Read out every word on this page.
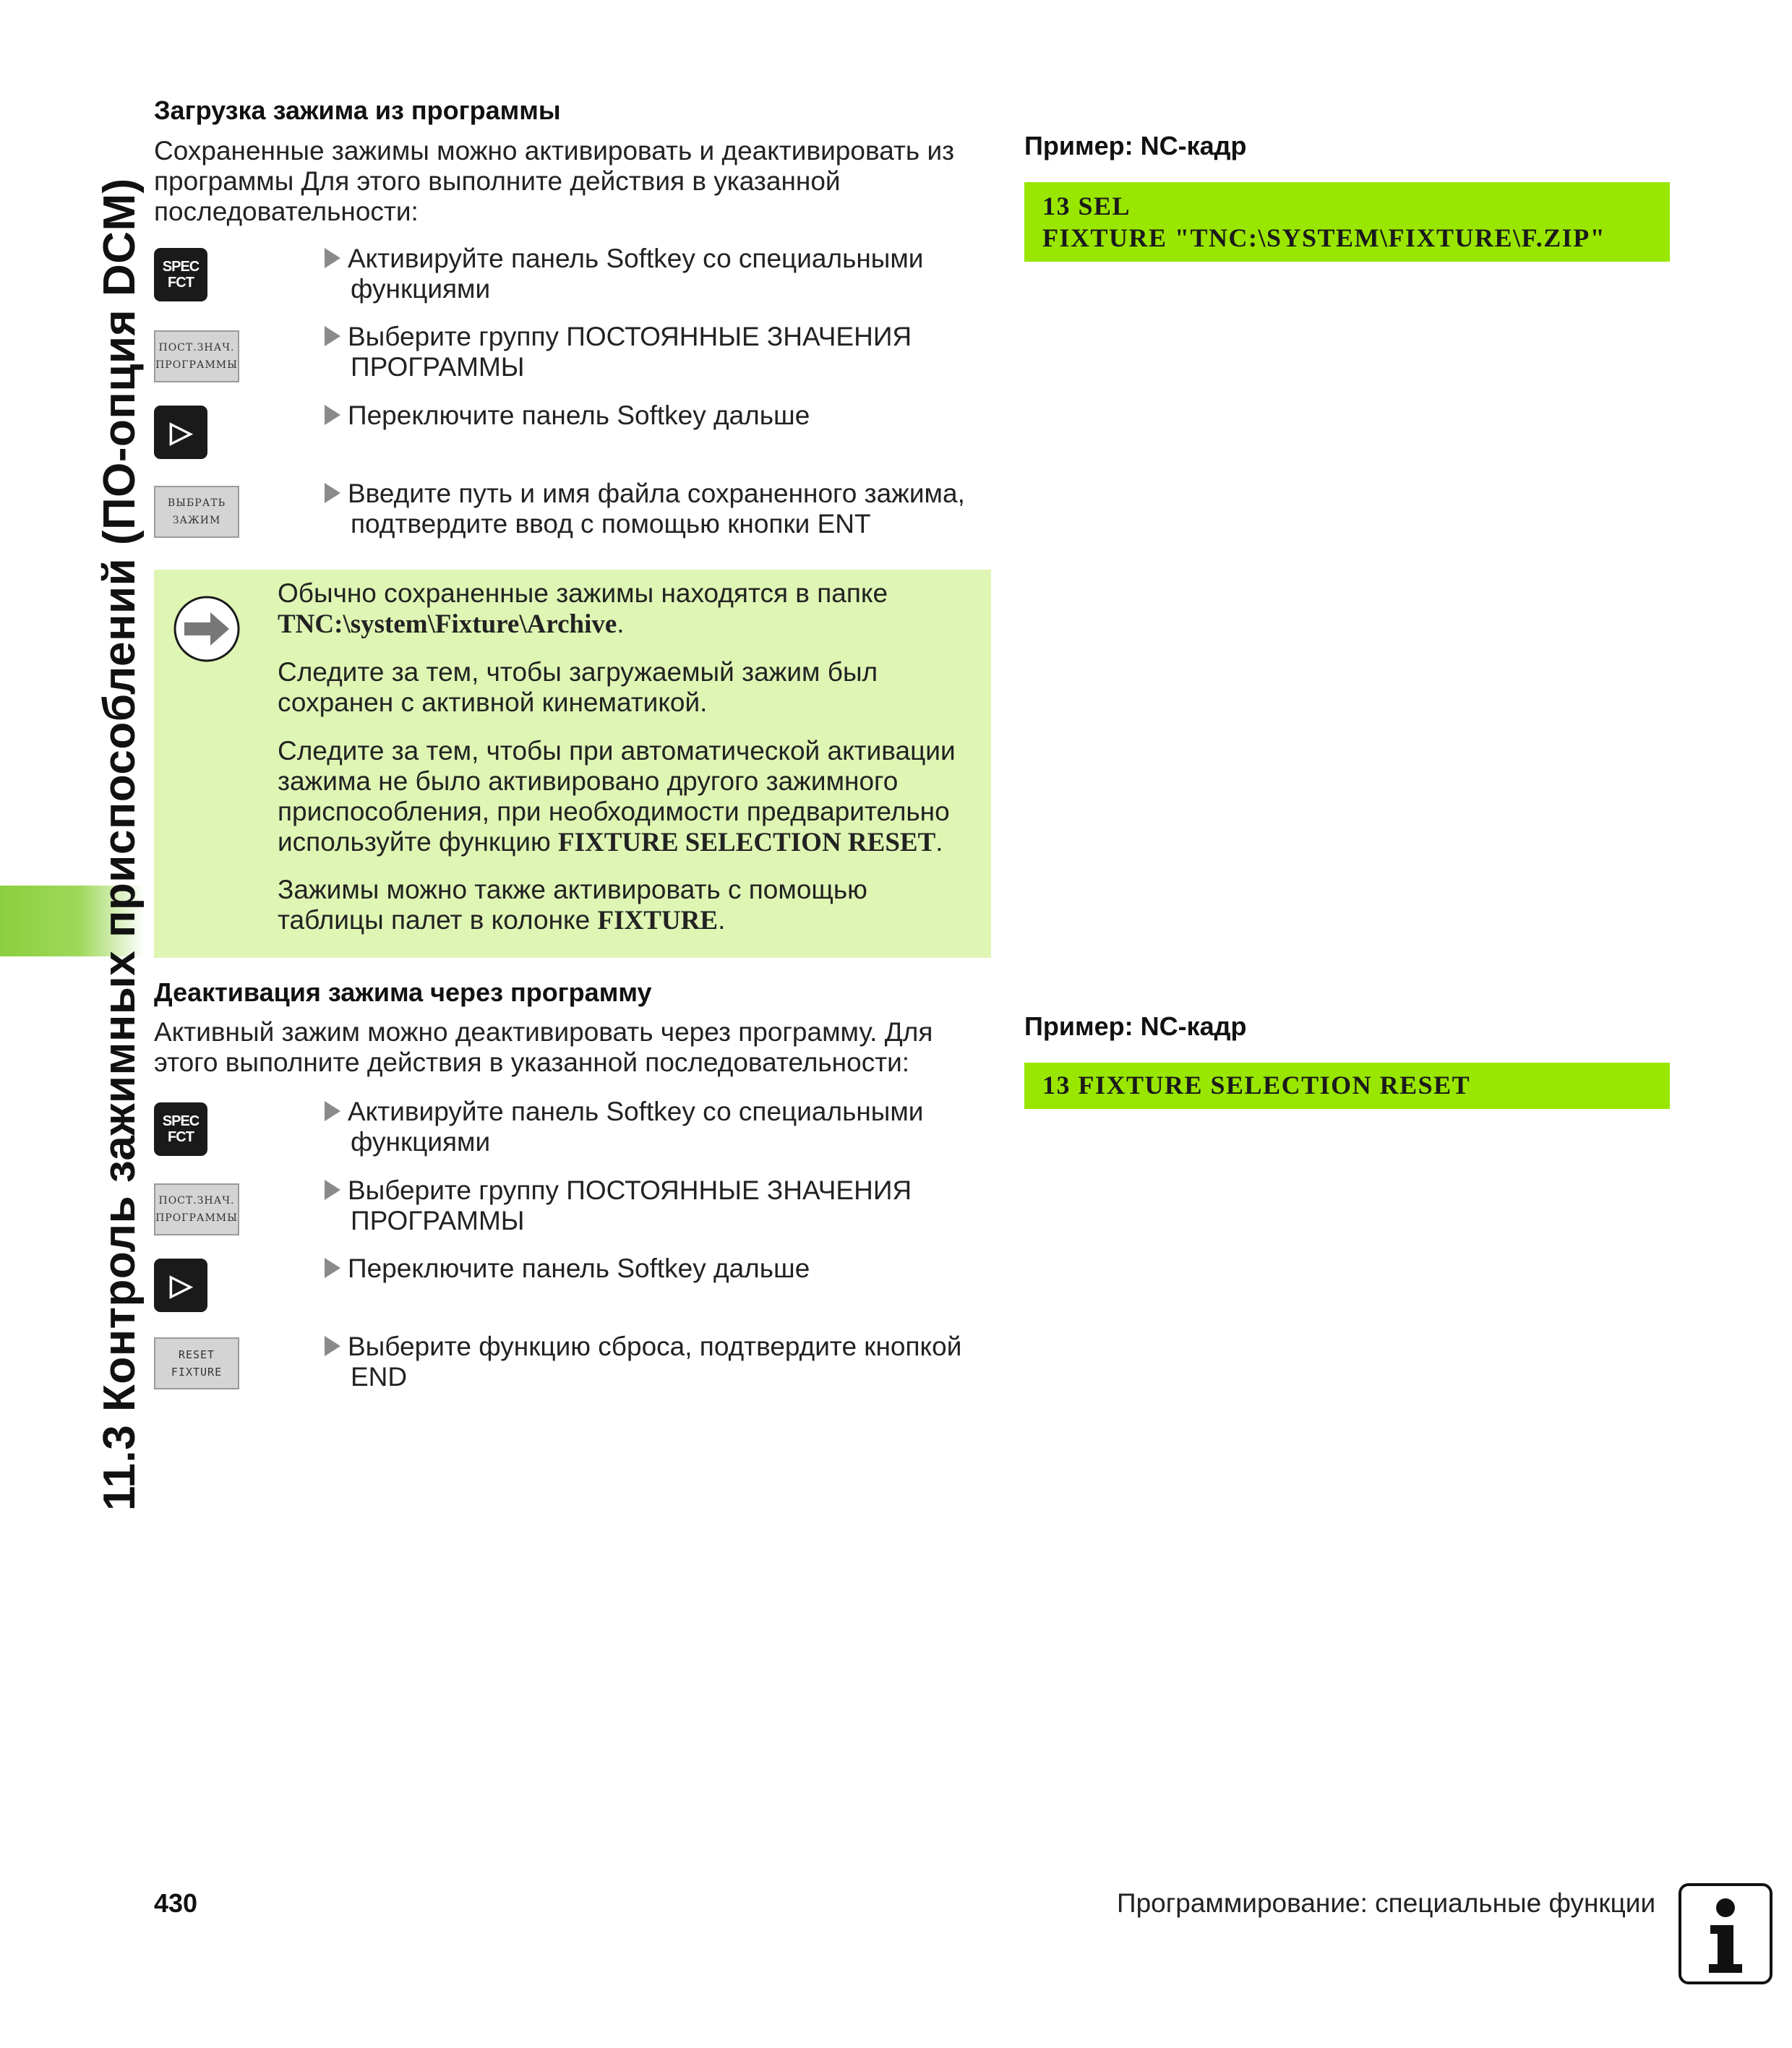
11.3 Контроль зажимных приспособлений (ПО-опция DCM)
Загрузка зажима из программы
Сохраненные зажимы можно активировать и деактивировать из
программы Для этого выполните действия в указанной
последовательности:
SPEC
FCT
Активируйте панель Softkey со специальными
функциями
ПОСТ.ЗНАЧ.
ПРОГРАММЫ
Выберите группу ПОСТОЯННЫЕ ЗНАЧЕНИЯ
ПРОГРАММЫ
▷
Переключите панель Softkey дальше
ВЫБРАТЬ
ЗАЖИМ
Введите путь и имя файла сохраненного зажима,
подтвердите ввод с помощью кнопки ENT
Обычно сохраненные зажимы находятся в папке
TNC:\system\Fixture\Archive.
Следите за тем, чтобы загружаемый зажим был
сохранен с активной кинематикой.
Следите за тем, чтобы при автоматической активации
зажима не было активировано другого зажимного
приспособления, при необходимости предварительно
используйте функцию FIXTURE SELECTION RESET.
Зажимы можно также активировать с помощью
таблицы палет в колонке FIXTURE.
Деактивация зажима через программу
Активный зажим можно деактивировать через программу. Для
этого выполните действия в указанной последовательности:
SPEC
FCT
Активируйте панель Softkey со специальными
функциями
ПОСТ.ЗНАЧ.
ПРОГРАММЫ
Выберите группу ПОСТОЯННЫЕ ЗНАЧЕНИЯ
ПРОГРАММЫ
▷
Переключите панель Softkey дальше
RESET
FIXTURE
Выберите функцию сброса, подтвердите кнопкой
END
Пример: NC-кадр
13 SEL
FIXTURE "TNC:\SYSTEM\FIXTURE\F.ZIP"
Пример: NC-кадр
13 FIXTURE SELECTION RESET
430	Программирование: специальные функции
